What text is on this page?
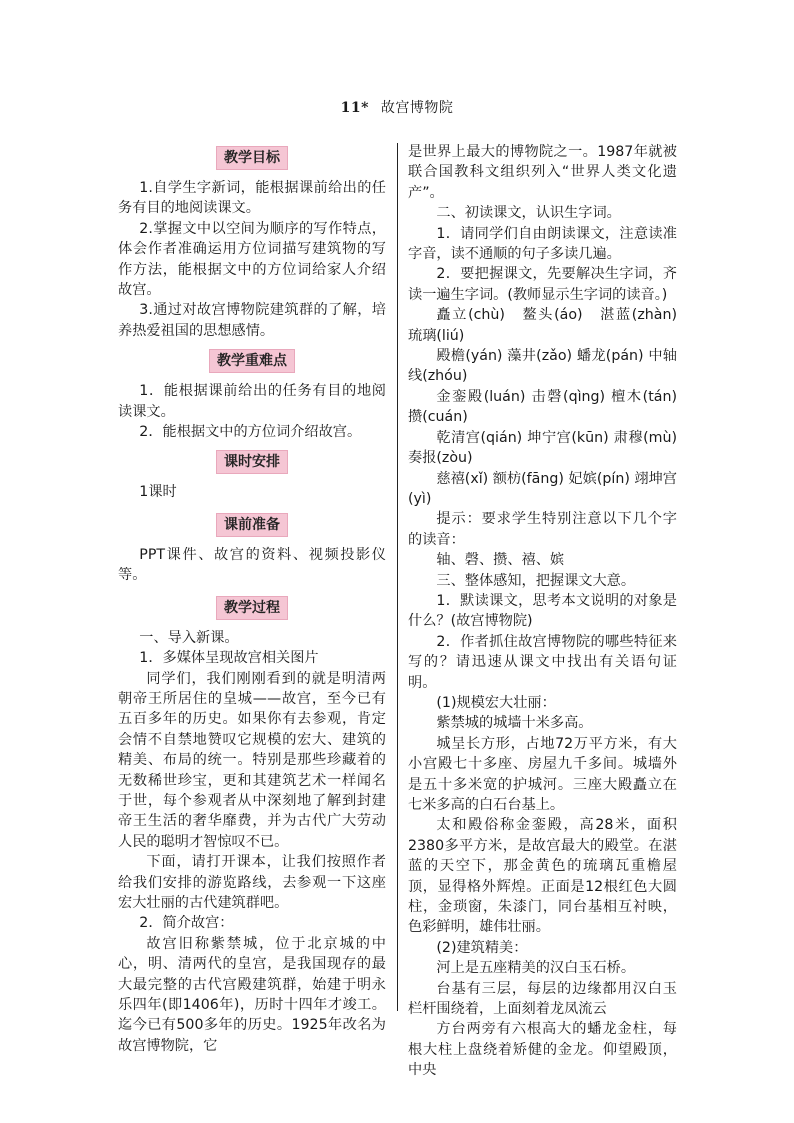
11* 故宫博物院
教学目标

1.自学生字新词，能根据课前给出的任务有目的地阅读课文。

2.掌握文中以空间为顺序的写作特点，体会作者准确运用方位词描写建筑物的写作方法，能根据文中的方位词给家人介绍故宫。

3.通过对故宫博物院建筑群的了解，培养热爱祖国的思想感情。

教学重难点

1．能根据课前给出的任务有目的地阅读课文。

2．能根据文中的方位词介绍故宫。

课时安排

1课时

课前准备

PPT课件、故宫的资料、视频投影仪等。

教学过程

一、导入新课。

1．多媒体呈现故宫相关图片

同学们，我们刚刚看到的就是明清两朝帝王所居住的皇城——故宫，至今已有五百多年的历史。如果你有去参观，肯定会情不自禁地赞叹它规模的宏大、建筑的精美、布局的统一。特别是那些珍藏着的无数稀世珍宝，更和其建筑艺术一样闻名于世，每个参观者从中深刻地了解到封建帝王生活的奢华靡费，并为古代广大劳动人民的聪明才智惊叹不已。

下面，请打开课本，让我们按照作者给我们安排的游览路线，去参观一下这座宏大壮丽的古代建筑群吧。

2．简介故宫：

故宫旧称紫禁城，位于北京城的中心，明、清两代的皇宫，是我国现存的最大最完整的古代宫殿建筑群，始建于明永乐四年(即1406年)，历时十四年才竣工。迄今已有500多年的历史。1925年改名为故宫博物院，它

是世界上最大的博物院之一。1987年就被联合国教科文组织列入“世界人类文化遗产”。

二、初读课文，认识生字词。

1．请同学们自由朗读课文，注意读准字音，读不通顺的句子多读几遍。

2．要把握课文，先要解决生字词，齐读一遍生字词。(教师显示生字词的读音。)

矗立(chù)　鳌头(áo)　湛蓝(zhàn)　琉璃(liú)

殿檐(yán) 藻井(zǎo) 蟠龙(pán) 中轴线(zhóu)

金銮殿(luán) 击磬(qìng) 檀木(tán) 攒(cuán)

乾清宫(qián) 坤宁宫(kūn) 肃穆(mù) 奏报(zòu)

慈禧(xǐ) 额枋(fāng) 妃嫔(pín) 翊坤宫(yì)

提示：要求学生特别注意以下几个字的读音：

轴、磬、攒、禧、嫔

三、整体感知，把握课文大意。

1．默读课文，思考本文说明的对象是什么？(故宫博物院)

2．作者抓住故宫博物院的哪些特征来写的？请迅速从课文中找出有关语句证明。

(1)规模宏大壮丽：

紫禁城的城墙十米多高。

城呈长方形，占地72万平方米，有大小宫殿七十多座、房屋九千多间。城墙外是五十多米宽的护城河。三座大殿矗立在七米多高的白石台基上。

太和殿俗称金銮殿，高28米，面积2380多平方米，是故宫最大的殿堂。在湛蓝的天空下，那金黄色的琉璃瓦重檐屋顶，显得格外辉煌。正面是12根红色大圆柱，金琐窗，朱漆门，同台基相互衬映，色彩鲜明，雄伟壮丽。

(2)建筑精美：

河上是五座精美的汉白玉石桥。

台基有三层，每层的边缘都用汉白玉栏杆围绕着，上面刻着龙凤流云

方台两旁有六根高大的蟠龙金柱，每根大柱上盘绕着矫健的金龙。仰望殿顶，中央
